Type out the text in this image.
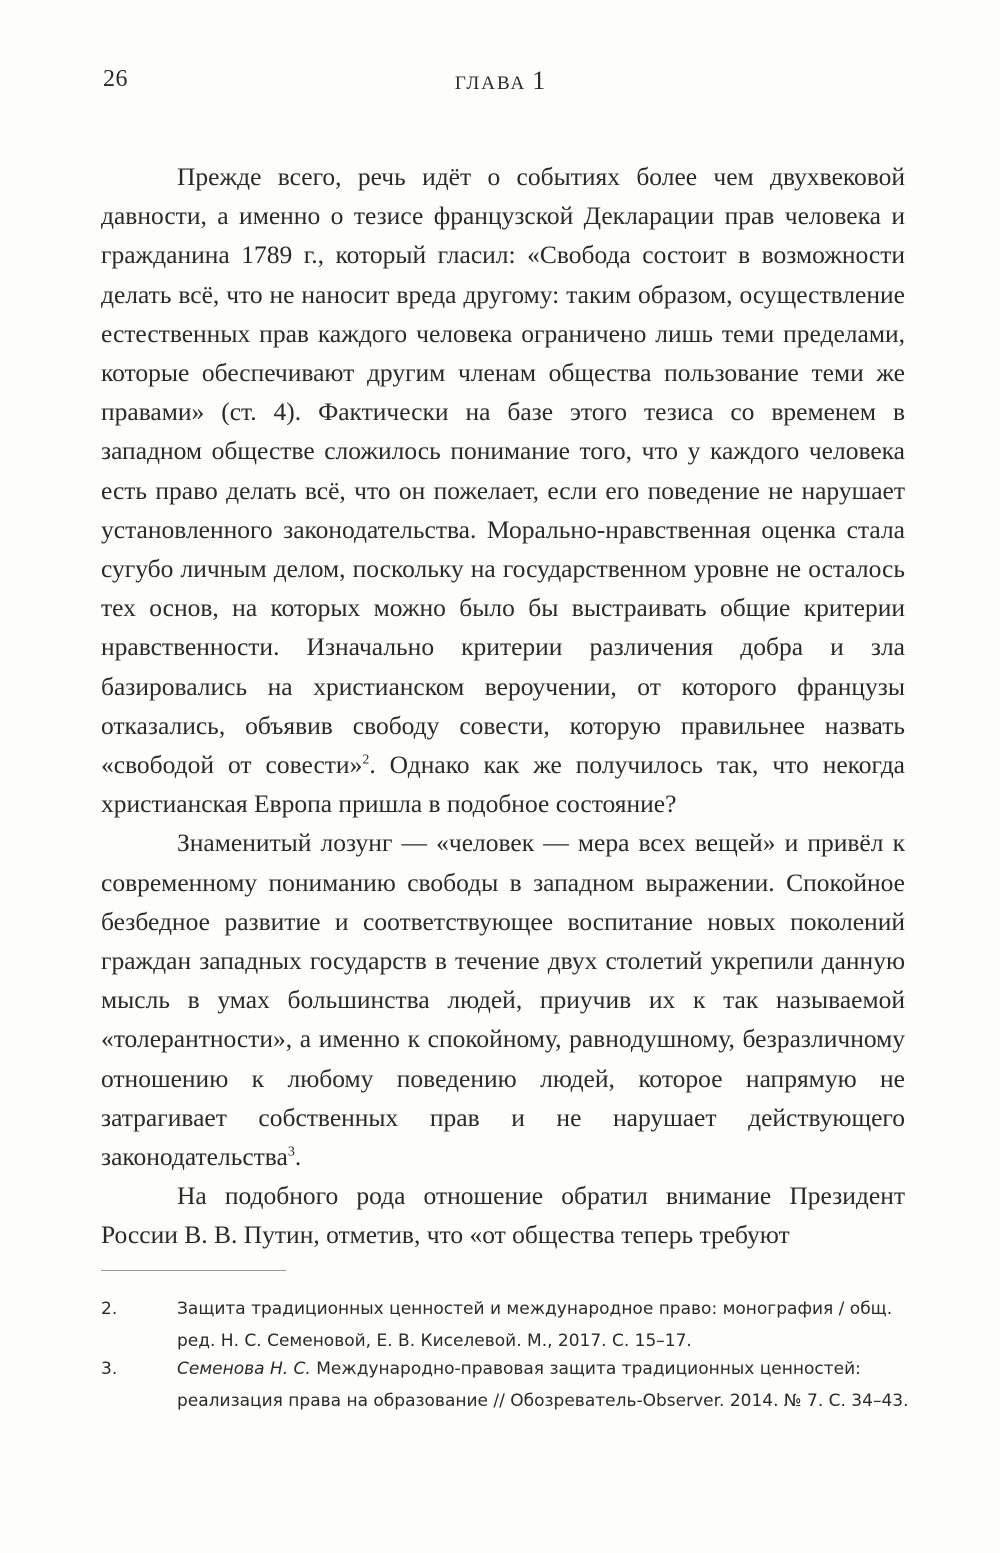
26	ГЛАВА 1

Прежде всего, речь идёт о событиях более чем двухвековой давности, а именно о тезисе французской Декларации прав человека и гражданина 1789 г., который гласил: «Свобода состоит в возможности делать всё, что не наносит вреда другому: таким образом, осуществление естественных прав каждого человека ограничено лишь теми пределами, которые обеспечивают другим членам общества пользование теми же правами» (ст. 4). Фактически на базе этого тезиса со временем в западном обществе сложилось понимание того, что у каждого человека есть право делать всё, что он пожелает, если его поведение не нарушает установленного законодательства. Морально-нравственная оценка стала сугубо личным делом, поскольку на государственном уровне не осталось тех основ, на которых можно было бы выстраивать общие критерии нравственности. Изначально критерии различения добра и зла базировались на христианском вероучении, от которого французы отказались, объявив свободу совести, которую правильнее назвать «свободой от совести»$^2$. Однако как же получилось так, что некогда христианская Европа пришла в подобное состояние?

Знаменитый лозунг — «человек — мера всех вещей» и привёл к современному пониманию свободы в западном выражении. Спокойное безбедное развитие и соответствующее воспитание новых поколений граждан западных государств в течение двух столетий укрепили данную мысль в умах большинства людей, приучив их к так называемой «толерантности», а именно к спокойному, равнодушному, безразличному отношению к любому поведению людей, которое напрямую не затрагивает собственных прав и не нарушает действующего законодательства$^3$.

На подобного рода отношение обратил внимание Президент России В. В. Путин, отметив, что «от общества теперь требуют

2.	Защита традиционных ценностей и международное право: монография / общ. ред. Н. С. Семеновой, Е. В. Киселевой. М., 2017. С. 15–17.
3.	Семенова Н. С. Международно-правовая защита традиционных ценностей: реализация права на образование // Обозреватель-Observer. 2014. № 7. С. 34–43.
